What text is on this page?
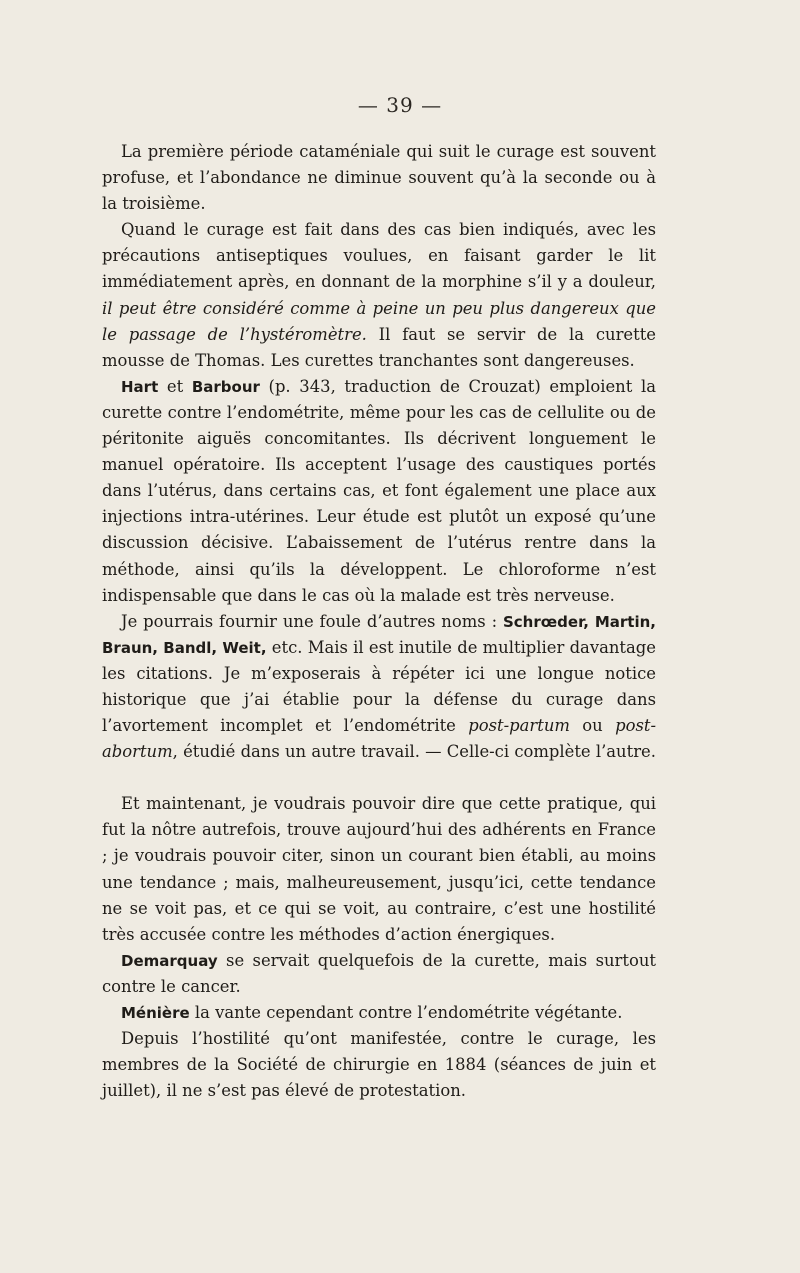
— 39 —

La première période cataméniale qui suit le curage est souvent profuse, et l’abondance ne diminue souvent qu’à la seconde ou à la troisième.

Quand le curage est fait dans des cas bien indiqués, avec les précautions antiseptiques voulues, en faisant garder le lit immédiatement après, en donnant de la morphine s’il y a douleur, il peut être considéré comme à peine un peu plus dangereux que le passage de l’hystéromètre. Il faut se servir de la curette mousse de Thomas. Les curettes tranchantes sont dangereuses.

Hart et Barbour (p. 343, traduction de Crouzat) emploient la curette contre l’endométrite, même pour les cas de cellulite ou de péritonite aiguës concomitantes. Ils décrivent longuement le manuel opératoire. Ils acceptent l’usage des caustiques portés dans l’utérus, dans certains cas, et font également une place aux injections intra-utérines. Leur étude est plutôt un exposé qu’une discussion décisive. L’abaissement de l’utérus rentre dans la méthode, ainsi qu’ils la développent. Le chloroforme n’est indispensable que dans le cas où la malade est très nerveuse.

Je pourrais fournir une foule d’autres noms : Schrœder, Martin, Braun, Bandl, Weit, etc. Mais il est inutile de multiplier davantage les citations. Je m’exposerais à répéter ici une longue notice historique que j’ai établie pour la défense du curage dans l’avortement incomplet et l’endométrite post-partum ou post-abortum, étudié dans un autre travail. — Celle-ci complète l’autre.

Et maintenant, je voudrais pouvoir dire que cette pratique, qui fut la nôtre autrefois, trouve aujourd’hui des adhérents en France ; je voudrais pouvoir citer, sinon un courant bien établi, au moins une tendance ; mais, malheureusement, jusqu’ici, cette tendance ne se voit pas, et ce qui se voit, au contraire, c’est une hostilité très accusée contre les méthodes d’action énergiques.

Demarquay se servait quelquefois de la curette, mais surtout contre le cancer.

Ménière la vante cependant contre l’endométrite végétante.

Depuis l’hostilité qu’ont manifestée, contre le curage, les membres de la Société de chirurgie en 1884 (séances de juin et juillet), il ne s’est pas élevé de protestation.
